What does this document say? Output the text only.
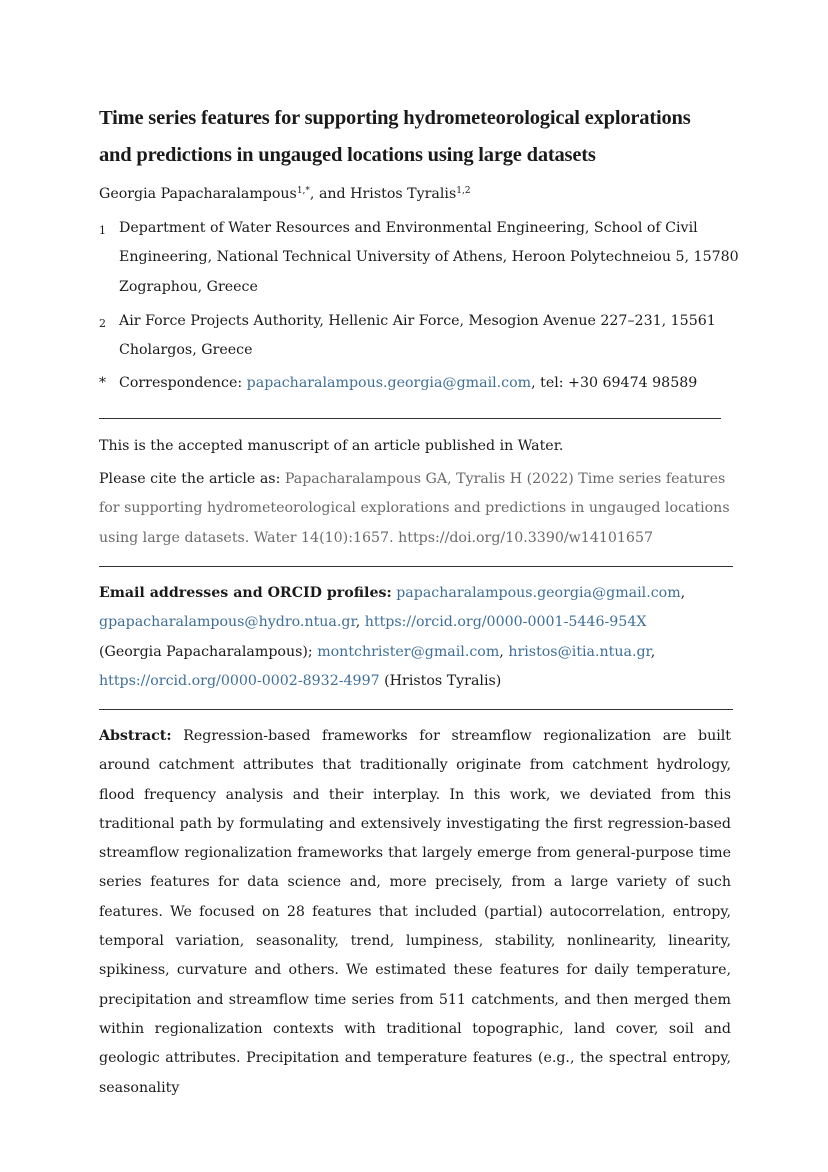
Time series features for supporting hydrometeorological explorations
and predictions in ungauged locations using large datasets
Georgia Papacharalampous$^{1,*}$, and Hristos Tyralis$^{1,2}$
1 Department of Water Resources and Environmental Engineering, School of Civil Engineering, National Technical University of Athens, Heroon Polytechneiou 5, 15780 Zographou, Greece
2 Air Force Projects Authority, Hellenic Air Force, Mesogion Avenue 227–231, 15561 Cholargos, Greece
* Correspondence: papacharalampous.georgia@gmail.com, tel: +30 69474 98589
This is the accepted manuscript of an article published in Water.
Please cite the article as: Papacharalampous GA, Tyralis H (2022) Time series features for supporting hydrometeorological explorations and predictions in ungauged locations using large datasets. Water 14(10):1657. https://doi.org/10.3390/w14101657
Email addresses and ORCID profiles: papacharalampous.georgia@gmail.com,
gpapacharalampous@hydro.ntua.gr, https://orcid.org/0000-0001-5446-954X
(Georgia Papacharalampous); montchrister@gmail.com, hristos@itia.ntua.gr,
https://orcid.org/0000-0002-8932-4997 (Hristos Tyralis)
Abstract: Regression-based frameworks for streamflow regionalization are built around catchment attributes that traditionally originate from catchment hydrology, flood frequency analysis and their interplay. In this work, we deviated from this traditional path by formulating and extensively investigating the first regression-based streamflow regionalization frameworks that largely emerge from general-purpose time series features for data science and, more precisely, from a large variety of such features. We focused on 28 features that included (partial) autocorrelation, entropy, temporal variation, seasonality, trend, lumpiness, stability, nonlinearity, linearity, spikiness, curvature and others. We estimated these features for daily temperature, precipitation and streamflow time series from 511 catchments, and then merged them within regionalization contexts with traditional topographic, land cover, soil and geologic attributes. Precipitation and temperature features (e.g., the spectral entropy, seasonality
